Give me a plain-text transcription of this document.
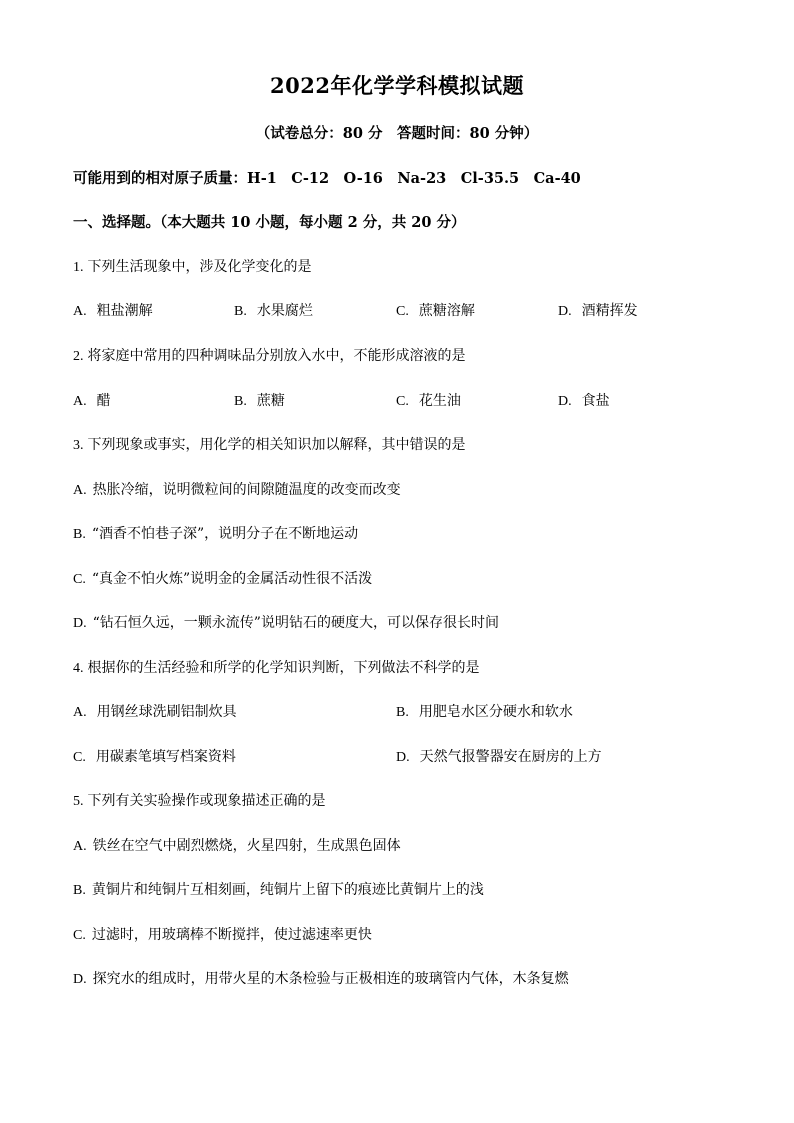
2022年化学学科模拟试题
（试卷总分：80 分　答题时间：80 分钟）
可能用到的相对原子质量：H-1　C-12　O-16　Na-23　Cl-35.5　Ca-40
一、选择题。（本大题共 10 小题，每小题 2 分，共 20 分）
1. 下列生活现象中，涉及化学变化的是
A. 粗盐潮解	B. 水果腐烂	C. 蔗糖溶解	D. 酒精挥发
2. 将家庭中常用的四种调味品分别放入水中，不能形成溶液的是
A. 醋	B. 蔗糖	C. 花生油	D. 食盐
3. 下列现象或事实，用化学的相关知识加以解释，其中错误的是
A. 热胀冷缩，说明微粒间的间隙随温度的改变而改变
B. “酒香不怕巷子深”，说明分子在不断地运动
C. “真金不怕火炼”说明金的金属活动性很不活泼
D. “钻石恒久远，一颗永流传”说明钻石的硬度大，可以保存很长时间
4. 根据你的生活经验和所学的化学知识判断，下列做法不科学的是
A. 用钢丝球洗刷铝制炊具	B. 用肥皂水区分硬水和软水
C. 用碳素笔填写档案资料	D. 天然气报警器安在厨房的上方
5. 下列有关实验操作或现象描述正确的是
A. 铁丝在空气中剧烈燃烧，火星四射，生成黑色固体
B. 黄铜片和纯铜片互相刻画，纯铜片上留下的痕迹比黄铜片上的浅
C. 过滤时，用玻璃棒不断搅拌，使过滤速率更快
D. 探究水的组成时，用带火星的木条检验与正极相连的玻璃管内气体，木条复燃
